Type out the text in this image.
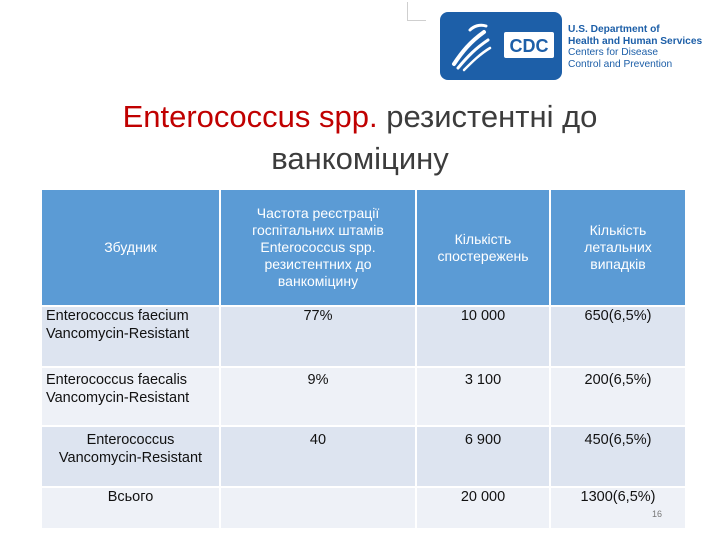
CDC
U.S. Department of
Health and Human Services
Centers for Disease
Control and Prevention
Enterococcus spp. резистентні до
ванкоміцину
Збудник	Частота реєстрації госпітальних штамів Enterococcus spp. резистентних до ванкоміцину	Кількість спостережень	Кількість летальних випадків

Enterococcus faecium
Vancomycin-Resistant	77%	10 000	650(6,5%)

Enterococcus faecalis
Vancomycin-Resistant	9%	3 100	200(6,5%)

Enterococcus
Vancomycin-Resistant	40	6 900	450(6,5%)
Всього		20 000	1300(6,5%)
16
